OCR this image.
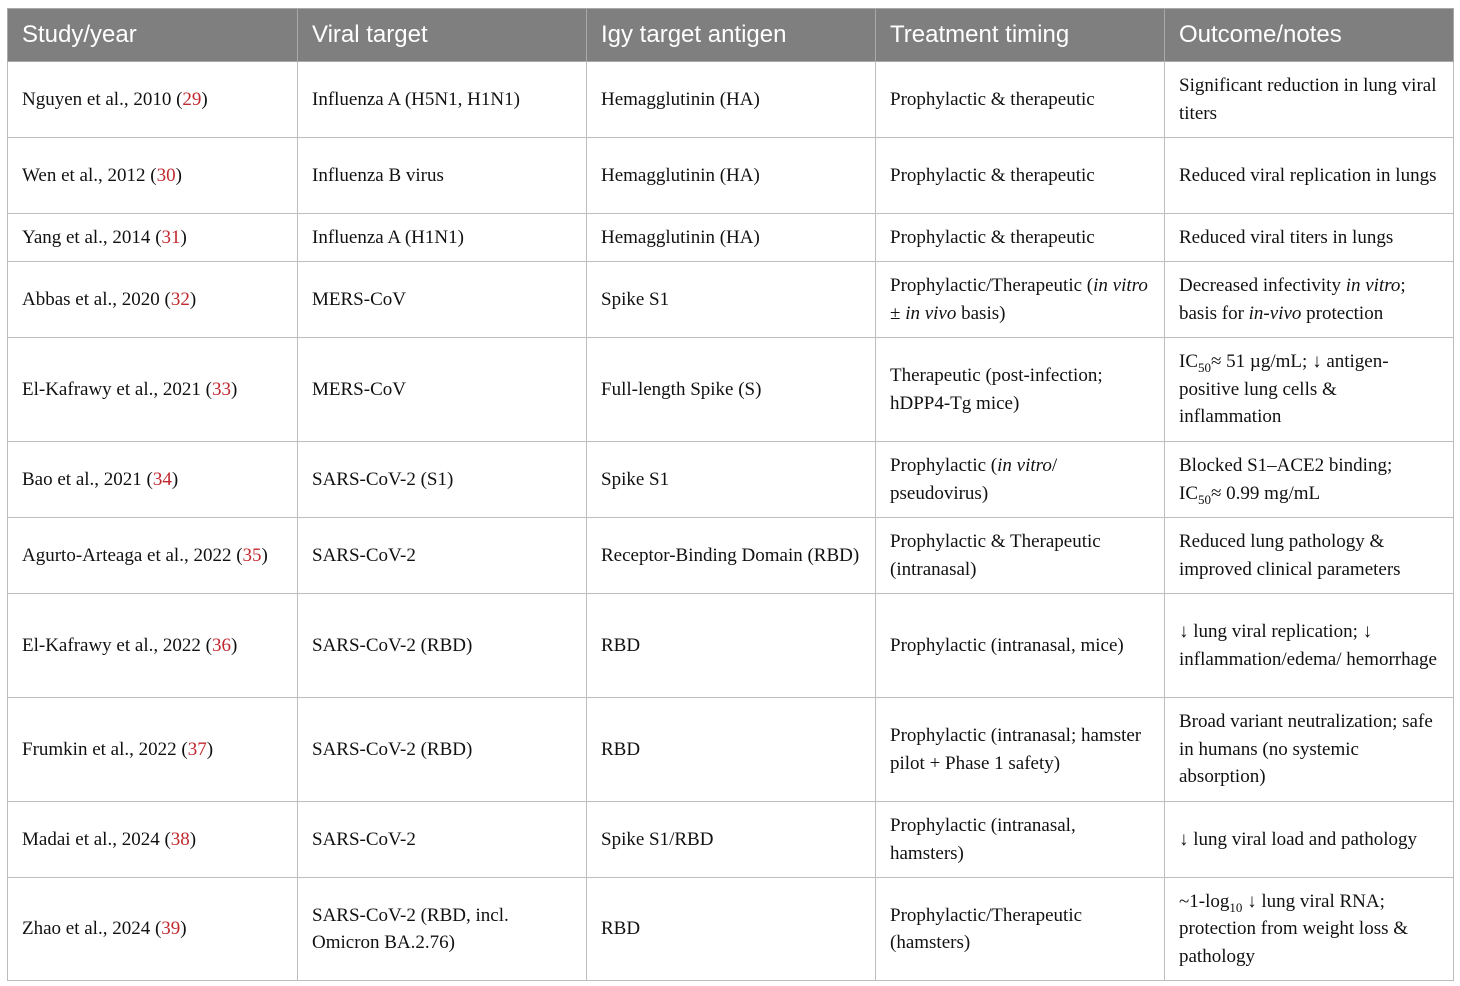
Study/year	Viral target	Igy target antigen	Treatment timing	Outcome/notes
Nguyen et al., 2010 (29)	Influenza A (H5N1, H1N1)	Hemagglutinin (HA)	Prophylactic & therapeutic	Significant reduction in lung viral titers
Wen et al., 2012 (30)	Influenza B virus	Hemagglutinin (HA)	Prophylactic & therapeutic	Reduced viral replication in lungs
Yang et al., 2014 (31)	Influenza A (H1N1)	Hemagglutinin (HA)	Prophylactic & therapeutic	Reduced viral titers in lungs
Abbas et al., 2020 (32)	MERS-CoV	Spike S1	Prophylactic/Therapeutic (in vitro ± in vivo basis)	Decreased infectivity in vitro; basis for in-vivo protection
El-Kafrawy et al., 2021 (33)	MERS-CoV	Full-length Spike (S)	Therapeutic (post-infection; hDPP4-Tg mice)	$IC_{50}\approx 51$ µg/mL; ↓ antigen-positive lung cells & inflammation
Bao et al., 2021 (34)	SARS-CoV-2 (S1)	Spike S1	Prophylactic (in vitro/ pseudovirus)	Blocked S1–ACE2 binding; $IC_{50}\approx 0.99$ mg/mL
Agurto-Arteaga et al., 2022 (35)	SARS-CoV-2	Receptor-Binding Domain (RBD)	Prophylactic & Therapeutic (intranasal)	Reduced lung pathology & improved clinical parameters
El-Kafrawy et al., 2022 (36)	SARS-CoV-2 (RBD)	RBD	Prophylactic (intranasal, mice)	↓ lung viral replication; ↓ inflammation/edema/ hemorrhage
Frumkin et al., 2022 (37)	SARS-CoV-2 (RBD)	RBD	Prophylactic (intranasal; hamster pilot + Phase 1 safety)	Broad variant neutralization; safe in humans (no systemic absorption)
Madai et al., 2024 (38)	SARS-CoV-2	Spike S1/RBD	Prophylactic (intranasal, hamsters)	↓ lung viral load and pathology
Zhao et al., 2024 (39)	SARS-CoV-2 (RBD, incl. Omicron BA.2.76)	RBD	Prophylactic/Therapeutic (hamsters)	$\sim 1-\log_{10}$ ↓ lung viral RNA; protection from weight loss & pathology
